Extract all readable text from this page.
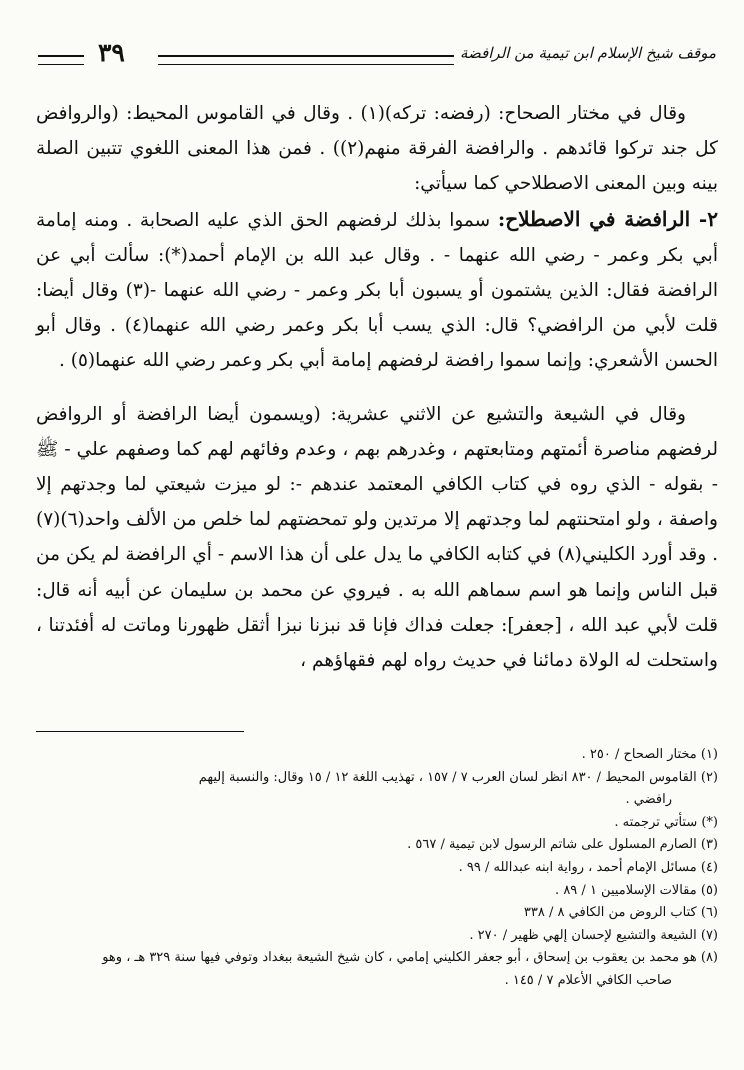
موقف شيخ الإسلام ابن تيمية من الرافضة
٣٩

وقال في مختار الصحاح: (رفضه: تركه)(١) . وقال في القاموس المحيط: (والروافض كل جند تركوا قائدهم . والرافضة الفرقة منهم(٢)) . فمن هذا المعنى اللغوي تتبين الصلة بينه وبين المعنى الاصطلاحي كما سيأتي:

٢- الرافضة في الاصطلاح: سموا بذلك لرفضهم الحق الذي عليه الصحابة . ومنه إمامة أبي بكر وعمر - رضي الله عنهما - . وقال عبد الله بن الإمام أحمد(*): سألت أبي عن الرافضة فقال: الذين يشتمون أو يسبون أبا بكر وعمر - رضي الله عنهما -(٣) وقال أيضا: قلت لأبي من الرافضي؟ قال: الذي يسب أبا بكر وعمر رضي الله عنهما(٤) . وقال أبو الحسن الأشعري: وإنما سموا رافضة لرفضهم إمامة أبي بكر وعمر رضي الله عنهما(٥) .

وقال في الشيعة والتشيع عن الاثني عشرية: (ويسمون أيضا الرافضة أو الروافض لرفضهم مناصرة أئمتهم ومتابعتهم ، وغدرهم بهم ، وعدم وفائهم لهم كما وصفهم علي - ﷺ - بقوله - الذي روه في كتاب الكافي المعتمد عندهم -: لو ميزت شيعتي لما وجدتهم إلا واصفة ، ولو امتحنتهم لما وجدتهم إلا مرتدين ولو تمحضتهم لما خلص من الألف واحد(٦)(٧) . وقد أورد الكليني(٨) في كتابه الكافي ما يدل على أن هذا الاسم - أي الرافضة لم يكن من قبل الناس وإنما هو اسم سماهم الله به . فيروي عن محمد بن سليمان عن أبيه أنه قال: قلت لأبي عبد الله ، [جعفر]: جعلت فداك فإنا قد نبزنا نبزا أثقل ظهورنا وماتت له أفئدتنا ، واستحلت له الولاة دمائنا في حديث رواه لهم فقهاؤهم ،

(١) مختار الصحاح / ٢٥٠ .
(٢) القاموس المحيط / ٨٣٠ انظر لسان العرب ٧ / ١٥٧ ، تهذيب اللغة ١٢ / ١٥ وقال: والنسبة إليهم
رافضي .
(*) ستأتي ترجمته .
(٣) الصارم المسلول على شاتم الرسول لابن تيمية / ٥٦٧ .
(٤) مسائل الإمام أحمد ، رواية ابنه عبدالله / ٩٩ .
(٥) مقالات الإسلاميين ١ / ٨٩ .
(٦) كتاب الروض من الكافي ٨ / ٣٣٨
(٧) الشيعة والتشيع لإحسان إلهي ظهير / ٢٧٠ .
(٨) هو محمد بن يعقوب بن إسحاق ، أبو جعفر الكليني إمامي ، كان شيخ الشيعة ببغداد وتوفي فيها سنة ٣٢٩ هـ ، وهو
صاحب الكافي الأعلام ٧ / ١٤٥ .
